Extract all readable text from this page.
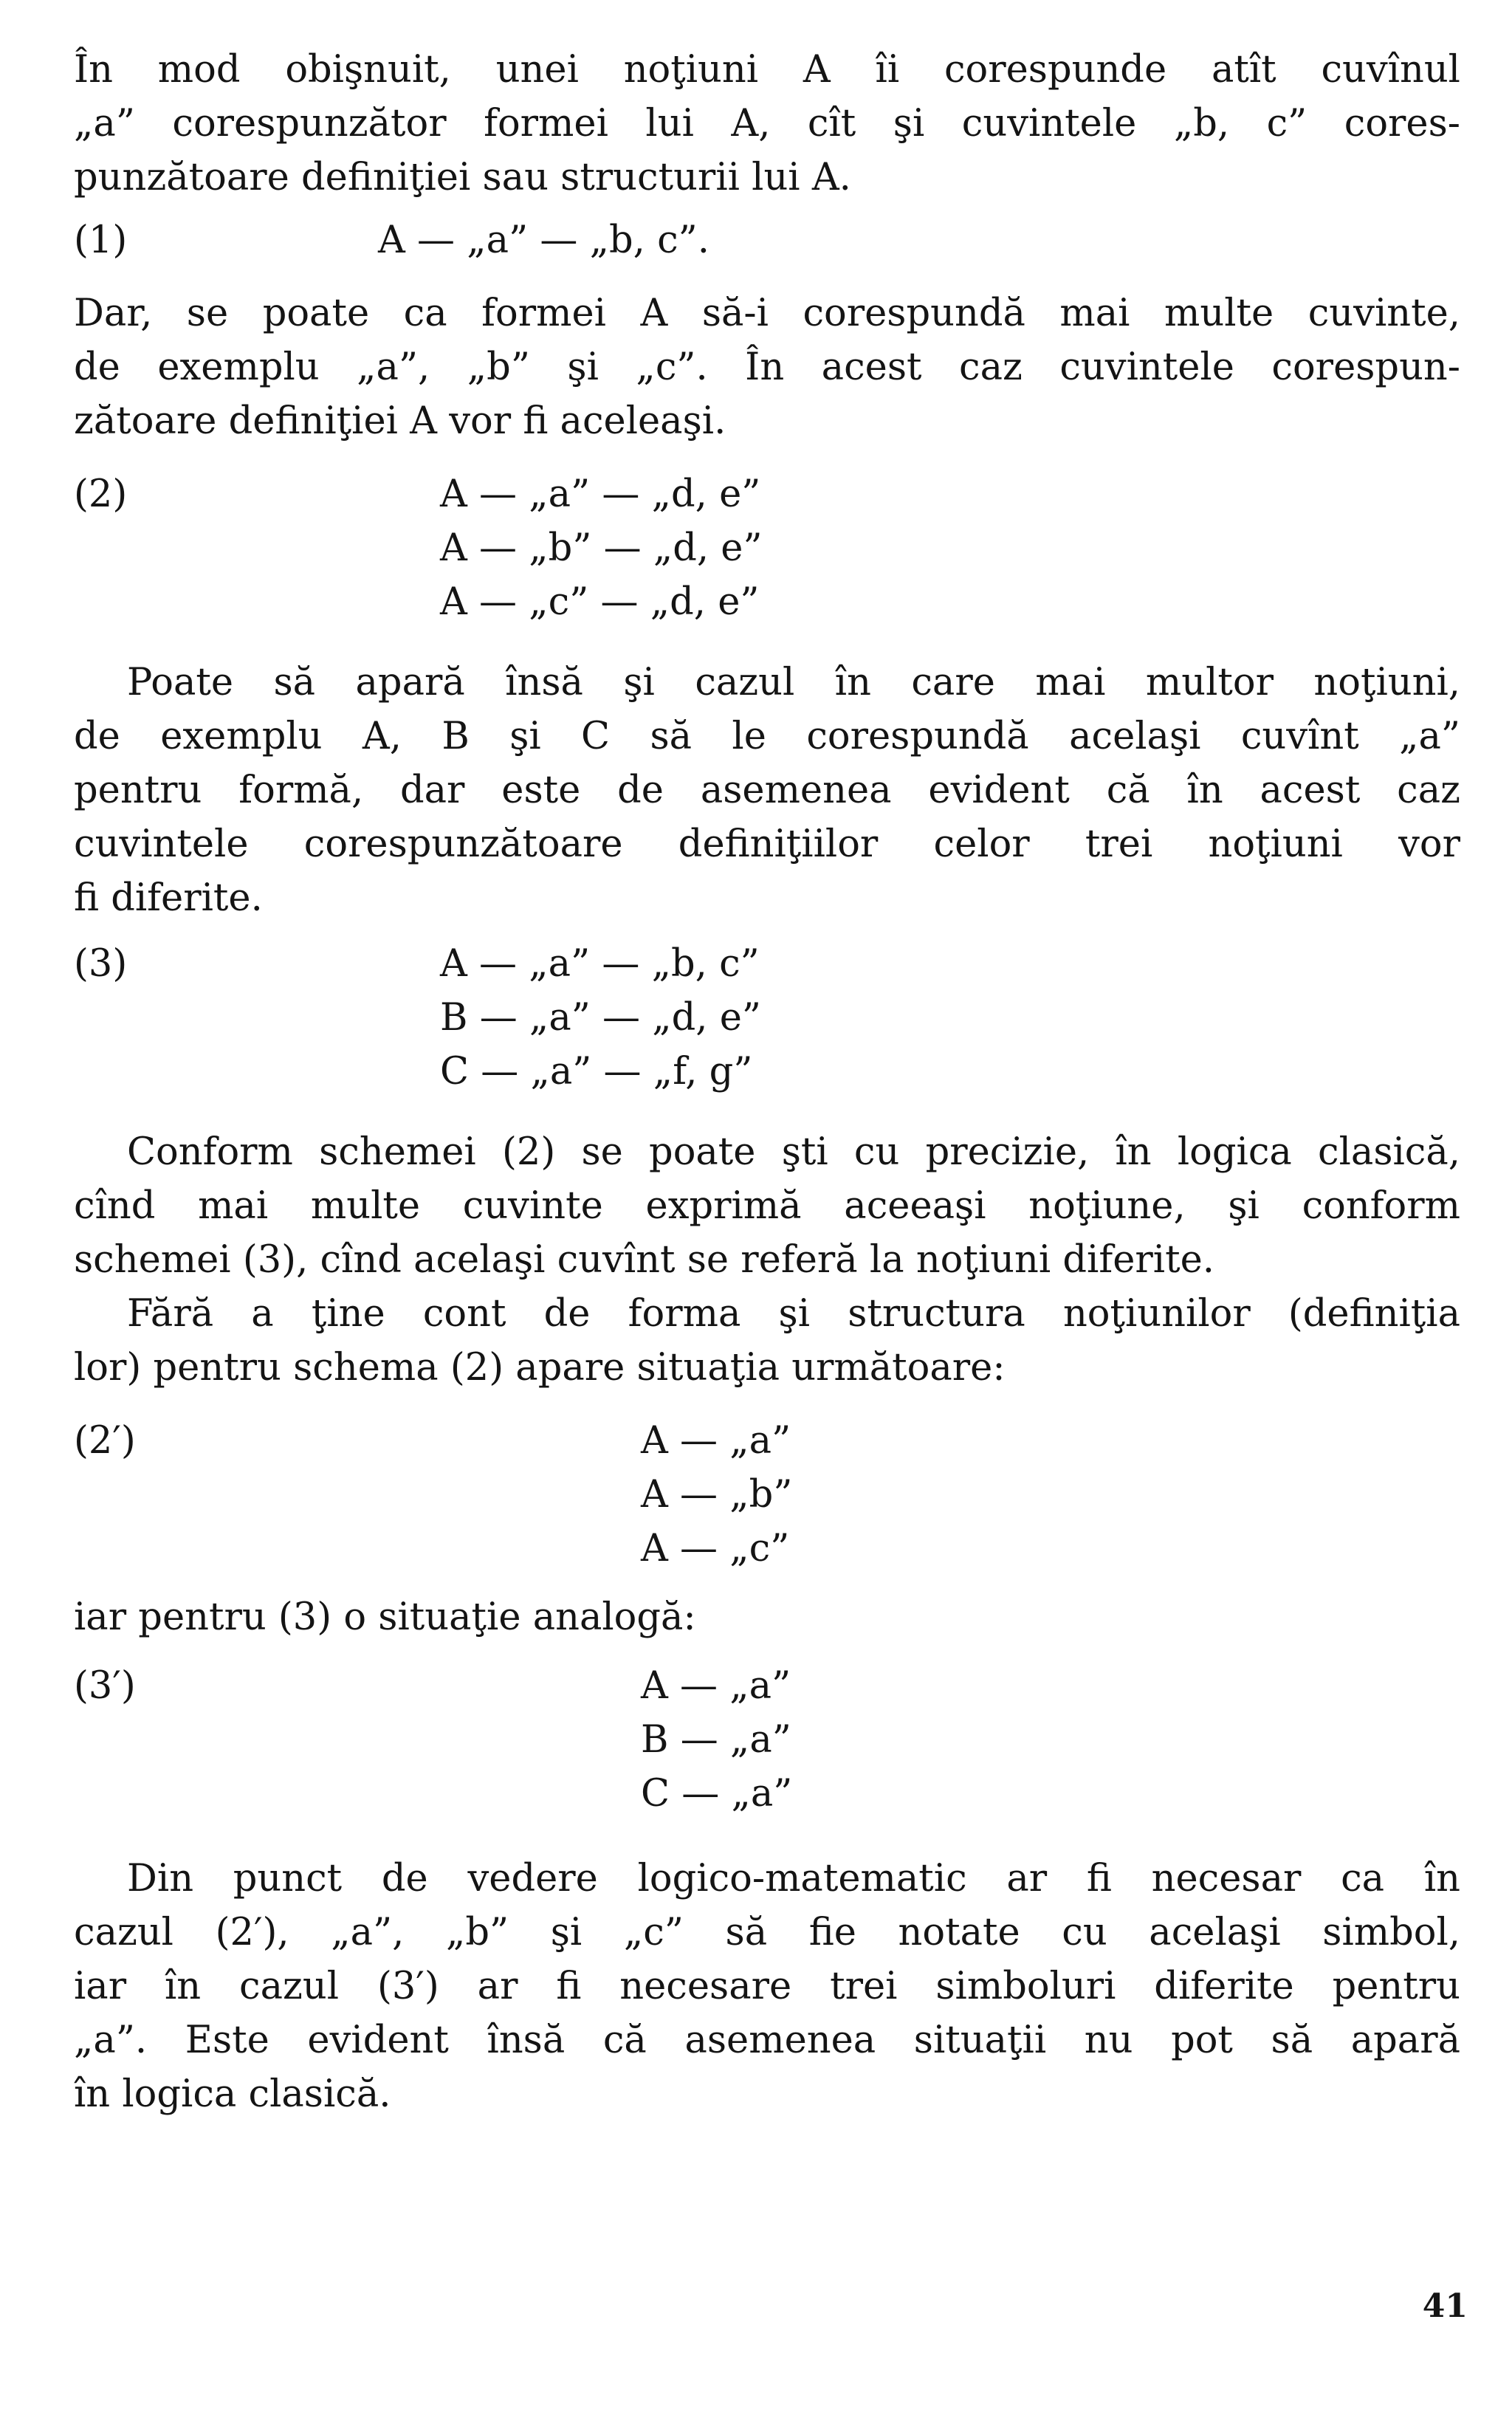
În mod obişnuit, unei noţiuni A îi corespunde atît cuvînul
„a” corespunzător formei lui A, cît şi cuvintele „b, c” cores-
punzătoare definiţiei sau structurii lui A.
(1)	A — „a” — „b, c”.
Dar, se poate ca formei A să-i corespundă mai multe cuvinte,
de exemplu „a”, „b” şi „c”. În acest caz cuvintele corespun-
zătoare definiţiei A vor fi aceleaşi.
(2)	A — „a” — „d, e”
A — „b” — „d, e”
A — „c” — „d, e”
Poate să apară însă şi cazul în care mai multor noţiuni,
de exemplu A, B şi C să le corespundă acelaşi cuvînt „a”
pentru formă, dar este de asemenea evident că în acest caz
cuvintele corespunzătoare definiţiilor celor trei noţiuni vor
fi diferite.
(3)	A — „a” — „b, c”
B — „a” — „d, e”
C — „a” — „f, g”
Conform schemei (2) se poate şti cu precizie, în logica clasică,
cînd mai multe cuvinte exprimă aceeaşi noţiune, şi conform
schemei (3), cînd acelaşi cuvînt se referă la noţiuni diferite.
Fără a ţine cont de forma şi structura noţiunilor (definiţia
lor) pentru schema (2) apare situaţia următoare:
(2′)	A — „a”
A — „b”
A — „c”
iar pentru (3) o situaţie analogă:
(3′)	A — „a”
B — „a”
C — „a”
Din punct de vedere logico-matematic ar fi necesar ca în
cazul (2′), „a”, „b” şi „c” să fie notate cu acelaşi simbol,
iar în cazul (3′) ar fi necesare trei simboluri diferite pentru
„a”. Este evident însă că asemenea situaţii nu pot să apară
în logica clasică.
41
